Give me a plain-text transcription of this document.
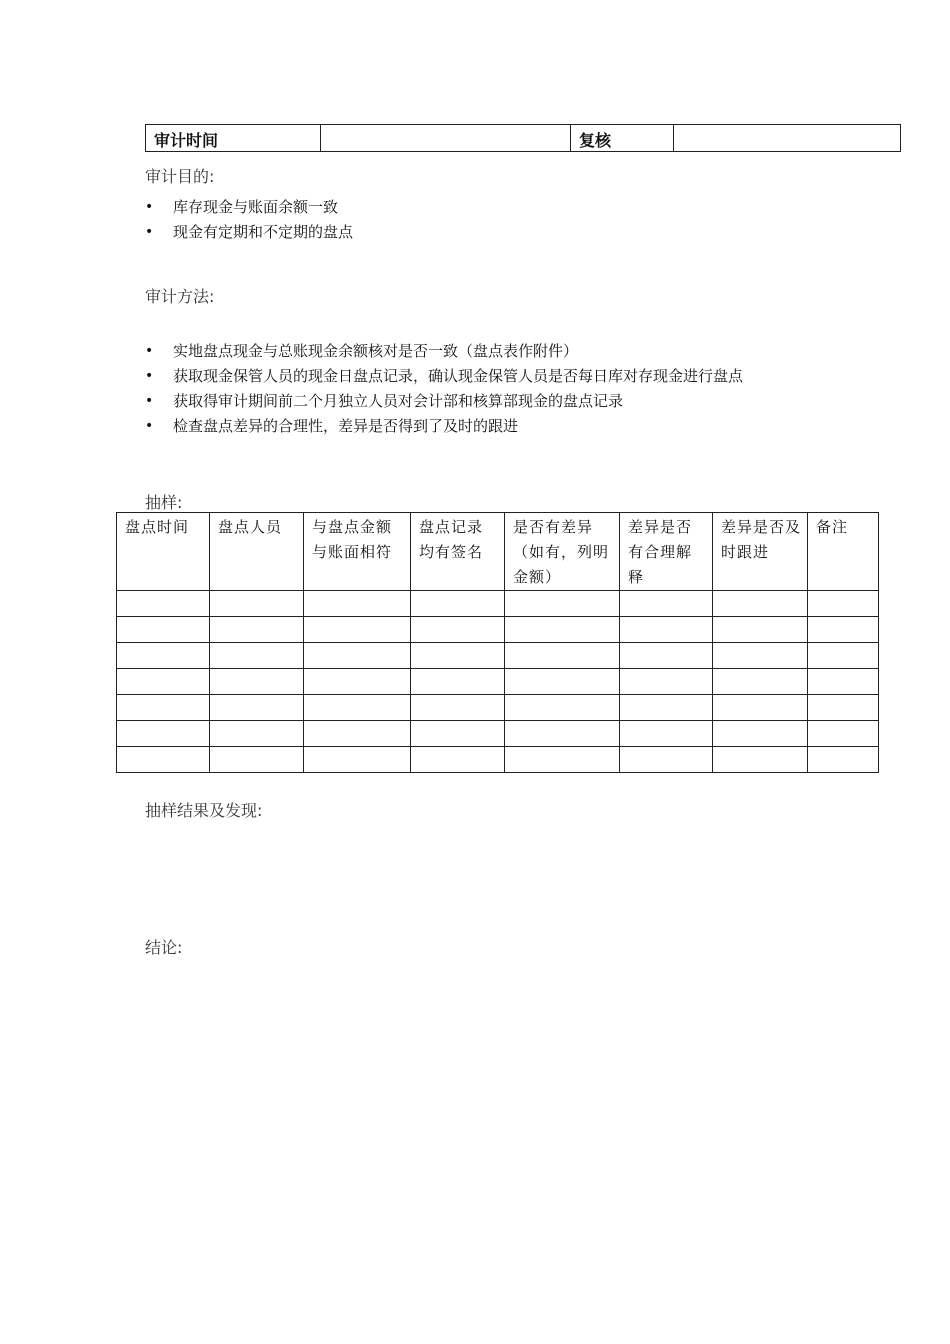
审计时间		复核	
审计目的:
• 库存现金与账面余额一致
• 现金有定期和不定期的盘点
审计方法:
• 实地盘点现金与总账现金余额核对是否一致（盘点表作附件）
• 获取现金保管人员的现金日盘点记录，确认现金保管人员是否每日库对存现金进行盘点
• 获取得审计期间前二个月独立人员对会计部和核算部现金的盘点记录
• 检查盘点差异的合理性，差异是否得到了及时的跟进
抽样:
盘点时间	盘点人员	与盘点金额与账面相符	盘点记录均有签名	是否有差异（如有，列明金额）	差异是否有合理解释	差异是否及时跟进	备注

抽样结果及发现:
结论:
